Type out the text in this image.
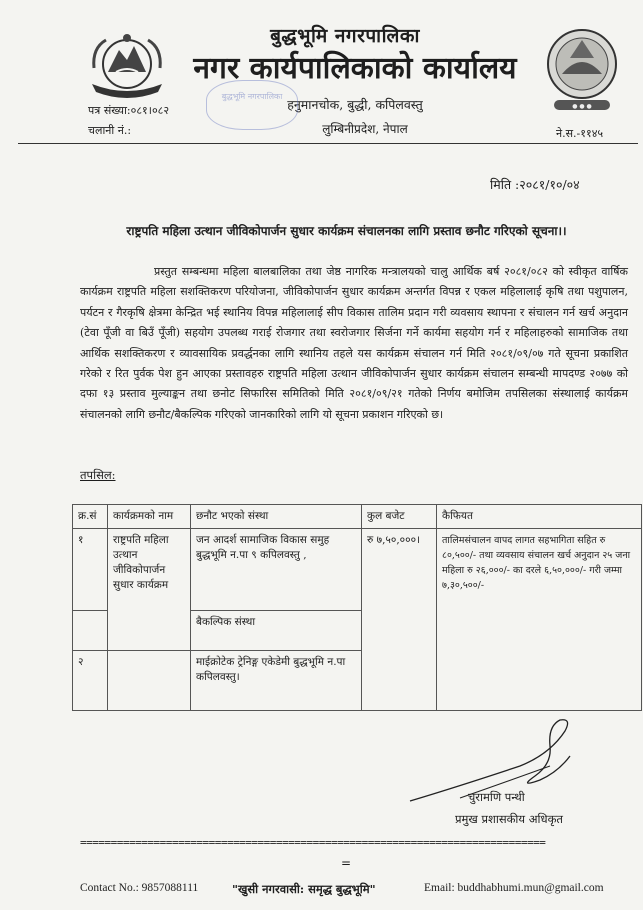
● ● ●
बुद्धभूमि नगरपालिका
नगर कार्यपालिकाको कार्यालय
हनुमानचोक, बुद्धी, कपिलवस्तु
लुम्बिनीप्रदेश, नेपाल
बुद्धभूमि नगरपालिका
पत्र संख्या:०८१।०८२
चलानी नं.:	ने.स.-११४५
मिति :२०८१/१०/०४
राष्ट्रपति महिला उत्थान जीविकोपार्जन सुधार कार्यक्रम संचालनका लागि प्रस्ताव छनौट गरिएको सूचना।।
प्रस्तुत सम्बन्धमा महिला बालबालिका तथा जेष्ठ नागरिक मन्त्रालयको चालु आर्थिक बर्ष २०८१/०८२ को स्वीकृत वार्षिक कार्यक्रम राष्ट्रपति महिला सशक्तिकरण परियोजना, जीविकोपार्जन सुधार कार्यक्रम अन्तर्गत विपन्न र एकल महिलालाई कृषि तथा पशुपालन, पर्यटन र गैरकृषि क्षेत्रमा केन्द्रित भई स्थानिय विपन्न महिलालाई सीप विकास तालिम प्रदान गरी व्यवसाय स्थापना र संचालन गर्न खर्च अनुदान (टेवा पूँजी वा बिउँ पूँजी) सहयोग उपलब्ध गराई रोजगार तथा स्वरोजगार सिर्जना गर्ने कार्यमा सहयोग गर्न र महिलाहरुको सामाजिक तथा आर्थिक सशक्तिकरण र व्यावसायिक प्रवर्द्धनका लागि स्थानिय तहले यस कार्यक्रम संचालन गर्न मिति २०८१/०९/०७ गते सूचना प्रकाशित गरेको र रित पुर्वक पेश हुन आएका प्रस्तावहरु राष्ट्रपति महिला उत्थान जीविकोपार्जन सुधार कार्यक्रम संचालन सम्बन्धी मापदण्ड २०७७ को दफा १३ प्रस्ताव मुल्याङ्कन तथा छनोट सिफारिस समितिको मिति २०८१/०९/२१ गतेको निर्णय बमोजिम तपसिलका संस्थालाई कार्यक्रम संचालनको लागि छनौट/बैकल्पिक गरिएको जानकारिको लागि यो सूचना प्रकाशन गरिएको छ।
तपसिल:
क्र.सं	कार्यक्रमको नाम	छनौट भएको संस्था	कुल बजेट	कैफियत
१	राष्ट्रपति महिला उत्थान जीविकोपार्जन सुधार कार्यक्रम	जन आदर्श सामाजिक विकास समुह बुद्धभूमि न.पा ९ कपिलवस्तु ,	रु ७,५०,०००।	तालिमसंचालन वापद लागत सहभागिता सहित रु ८०,५००/- तथा व्यवसाय संचालन खर्च अनुदान २५ जना महिला रु २६,०००/- का दरले ६,५०,०००/- गरी जम्मा ७,३०,५००/-
		बैकल्पिक संस्था		
२		माईक्रोटेक ट्रेनिङ्ग एकेडेमी बुद्धभूमि न.पा कपिलवस्तु।		
चुरामणि पन्थी
प्रमुख प्रशासकीय अधिकृत
============================================================================
=
Contact No.: 9857088111	"खुसी नगरवासी: समृद्ध बुद्धभूमि"	Email: buddhabhumi.mun@gmail.com
